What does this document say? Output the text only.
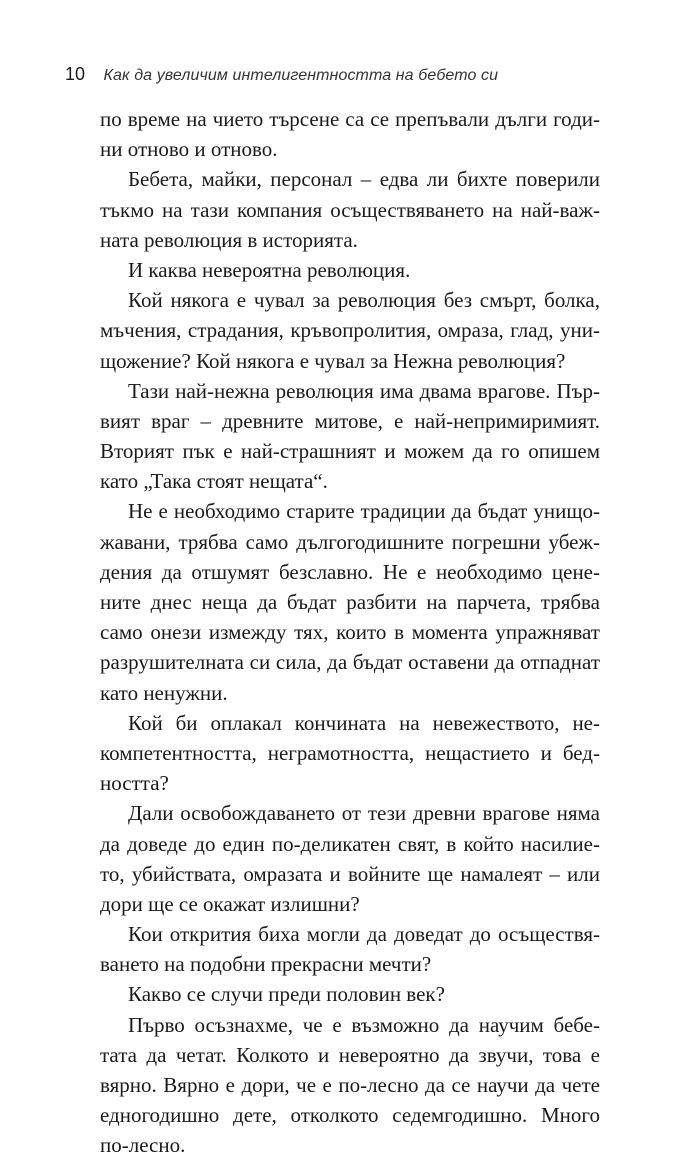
10 Как да увеличим интелигентността на бебето си
по време на чието търсене са се препъвали дълги годи-
ни отново и отново.
Бебета, майки, персонал – едва ли бихте поверили
тъкмо на тази компания осъществяването на най-важ-
ната революция в историята.
И каква невероятна революция.
Кой някога е чувал за революция без смърт, болка,
мъчения, страдания, кръвопролития, омраза, глад, уни-
щожение? Кой някога е чувал за Нежна революция?
Тази най-нежна революция има двама врагове. Пър-
вият враг – древните митове, е най-непримиримият.
Вторият пък е най-страшният и можем да го опишем
като „Така стоят нещата“.
Не е необходимо старите традиции да бъдат унищо-
жавани, трябва само дългогодишните погрешни убеж-
дения да отшумят безславно. Не е необходимо цене-
ните днес неща да бъдат разбити на парчета, трябва
само онези измежду тях, които в момента упражняват
разрушителната си сила, да бъдат оставени да отпаднат
като ненужни.
Кой би оплакал кончината на невежеството, не-
компетентността, неграмотността, нещастието и бед-
ността?
Дали освобождаването от тези древни врагове няма
да доведе до един по-деликатен свят, в който насилие-
то, убийствата, омразата и войните ще намалеят – или
дори ще се окажат излишни?
Кои открития биха могли да доведат до осъществя-
ването на подобни прекрасни мечти?
Какво се случи преди половин век?
Първо осъзнахме, че е възможно да научим бебе-
тата да четат. Колкото и невероятно да звучи, това е
вярно. Вярно е дори, че е по-лесно да се научи да чете
едногодишно дете, отколкото седемгодишно. Много
по-лесно.
